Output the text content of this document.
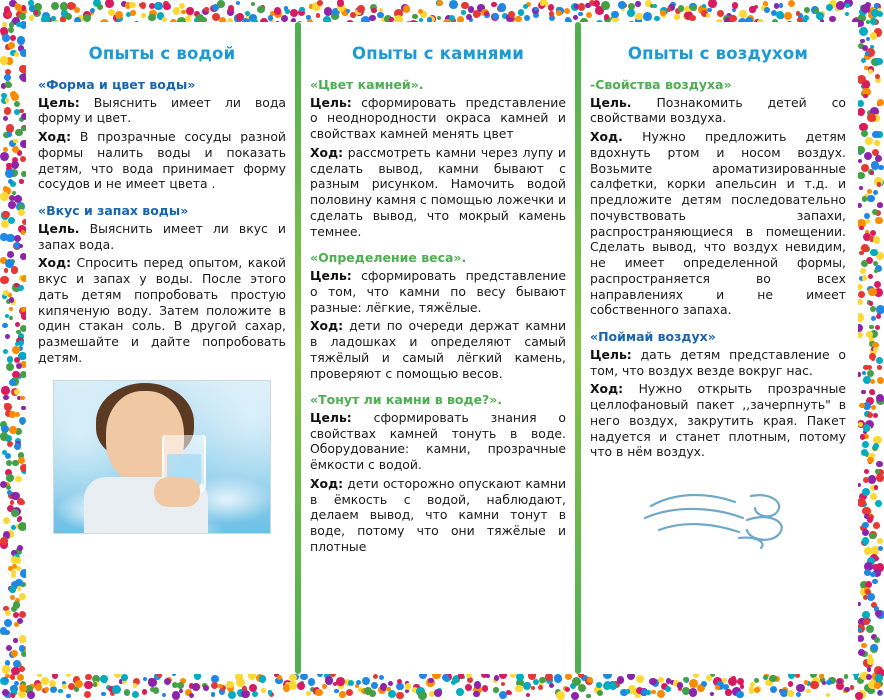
Опыты с водой
«Форма и цвет воды»

Цель: Выяснить имеет ли вода форму и цвет.

Ход: В прозрачные сосуды разной формы налить воды и показать детям, что вода принимает форму сосудов и не имеет цвета .

«Вкус и запах воды»

Цель. Выяснить имеет ли вкус и запах вода.

Ход: Спросить перед опытом, какой вкус и запах у воды. После этого дать детям попробовать простую кипяченую воду. Затем положите в один стакан соль. В другой сахар, размешайте и дайте попробовать детям.

Опыты с камнями
«Цвет камней».

Цель: сформировать представление о неоднородности окраса камней и свойствах камней менять цвет

Ход: рассмотреть камни через лупу и сделать вывод, камни бывают с разным рисунком. Намочить водой половину камня с помощью ложечки и сделать вывод, что мокрый камень темнее.

«Определение веса».

Цель: сформировать представление о том, что камни по весу бывают разные: лёгкие, тяжёлые.

Ход: дети по очереди держат камни в ладошках и определяют самый тяжёлый и самый лёгкий камень, проверяют с помощью весов.

«Тонут ли камни в воде?».

Цель: сформировать знания о свойствах камней тонуть в воде. Оборудование: камни, прозрачные ёмкости с водой.

Ход: дети осторожно опускают камни в ёмкость с водой, наблюдают, делаем вывод, что камни тонут в воде, потому что они тяжёлые и плотные

Опыты с воздухом
-Свойства воздуха»

Цель. Познакомить детей со свойствами воздуха.

Ход. Нужно предложить детям вдохнуть ртом и носом воздух. Возьмите ароматизированные салфетки, корки апельсин и т.д. и предложите детям последовательно почувствовать запахи, распространяющиеся в помещении. Сделать вывод, что воздух невидим, не имеет определенной формы, распространяется во всех направлениях и не имеет собственного запаха.

«Поймай воздух»

Цель: дать детям представление о том, что воздух везде вокруг нас.

Ход: Нужно открыть прозрачные целлофановый пакет ,,зачерпнуть" в него воздух, закрутить края. Пакет надуется и станет плотным, потому что в нём воздух.
